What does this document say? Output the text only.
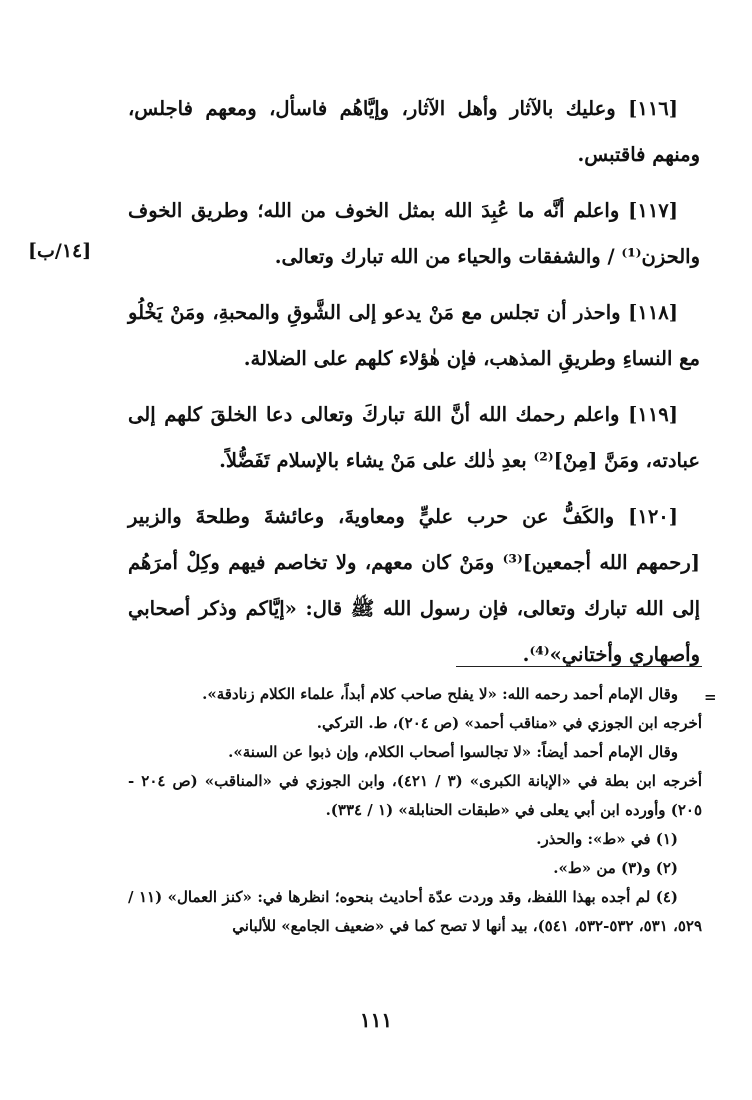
[١٤/ب]

[١١٦] وعليك بالآثار وأهل الآثار، وإيَّاهُم فاسأل، ومعهم فاجلس، ومنهم فاقتبس.

[١١٧] واعلم أنَّه ما عُبِدَ الله بمثل الخوف من الله؛ وطريق الخوف والحزن⁽¹⁾ / والشفقات والحياء من الله تبارك وتعالى.

[١١٨] واحذر أن تجلس مع مَنْ يدعو إلى الشَّوقِ والمحبةِ، ومَنْ يَخْلُو مع النساءِ وطريقِ المذهب، فإن هٰؤلاء كلهم على الضلالة.

[١١٩] واعلم رحمك الله أنَّ اللهَ تباركَ وتعالى دعا الخلقَ كلهم إلى عبادته، ومَنَّ [مِنْ]⁽²⁾ بعدِ ذٰلك على مَنْ يشاء بالإسلام تَفَضُّلاً.

[١٢٠] والكَفُّ عن حرب عليٍّ ومعاويةَ، وعائشةَ وطلحةَ والزبير [رحمهم الله أجمعين]⁽³⁾ ومَنْ كان معهم، ولا تخاصم فيهم وكِلْ أمرَهُم إلى الله تبارك وتعالى، فإن رسول الله ﷺ قال: «إيَّاكم وذكر أصحابي وأصهاري وأختاني»⁽⁴⁾.

=

وقال الإمام أحمد رحمه الله: «لا يفلح صاحب كلام أبداً، علماء الكلام زنادقة».

أخرجه ابن الجوزي في «مناقب أحمد» (ص ٢٠٤)، ط. التركي.

وقال الإمام أحمد أيضاً: «لا تجالسوا أصحاب الكلام، وإن ذبوا عن السنة».

أخرجه ابن بطة في «الإبانة الكبرى» (٣ / ٤٢١)، وابن الجوزي في «المناقب» (ص ٢٠٤ - ٢٠٥) وأورده ابن أبي يعلى في «طبقات الحنابلة» (١ / ٣٣٤).

(١) في «ط»: والحذر.

(٢) و(٣) من «ط».

(٤) لم أجده بهذا اللفظ، وقد وردت عدّة أحاديث بنحوه؛ انظرها في: «كنز العمال» (١١ / ٥٢٩، ٥٣١، ٥٣٢-٥٣٢، ٥٤١)، بيد أنها لا تصح كما في «ضعيف الجامع» للألباني

١١١
